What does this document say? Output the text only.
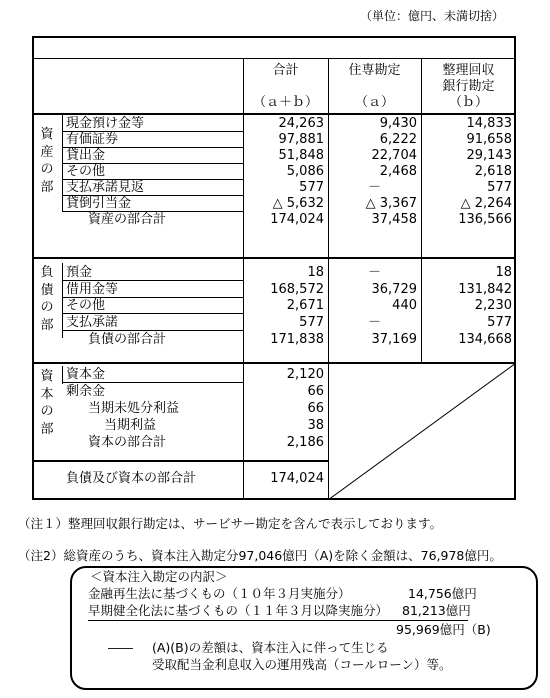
（単位：億円、未満切捨）
合計
（ａ＋ｂ）
住専勘定
（ａ）
整理回収
銀行勘定
（ｂ）
資
産
の
部
負
債
の
部
資
本
の
部
現金預け金等	24,263	9,430	14,833
有価証券	97,881	6,222	91,658
貸出金	51,848	22,704	29,143
その他	5,086	2,468	2,618
支払承諾見返	577	－	577
貸倒引当金	△ 5,632	△ 3,367	△ 2,264
資産の部合計	174,024	37,458	136,566
預金	18	－	18
借用金等	168,572	36,729	131,842
その他	2,671	440	2,230
支払承諾	577	－	577
負債の部合計	171,838	37,169	134,668
資本金	2,120
剰余金	66
当期未処分利益	66
当期利益	38
資本の部合計	2,186
負債及び資本の部合計	174,024
（注１）整理回収銀行勘定は、サービサー勘定を含んで表示しております。
（注2）総資産のうち、資本注入勘定分97,046億円（A)を除く金額は、76,978億円。
＜資本注入勘定の内訳＞
金融再生法に基づくもの（１０年３月実施分）	14,756億円
早期健全化法に基づくもの（１１年３月以降実施分） 81,213億円
95,969億円（B)
―― (A)(B)の差額は、資本注入に伴って生じる
受取配当金利息収入の運用残高（コールローン）等。
